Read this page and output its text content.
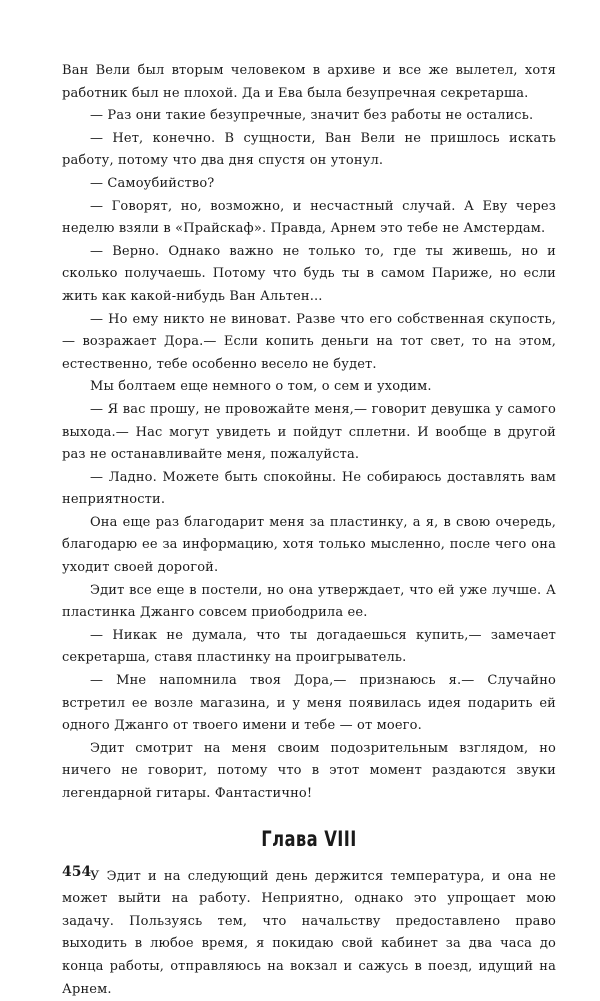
Ван Вели был вторым человеком в архиве и все же вылетел, хотя работник был не плохой. Да и Ева была безупречная секретарша.

— Раз они такие безупречные, значит без работы не остались.

— Нет, конечно. В сущности, Ван Вели не пришлось искать работу, потому что два дня спустя он утонул.

— Самоубийство?

— Говорят, но, возможно, и несчастный случай. А Еву через неделю взяли в «Прайскаф». Правда, Арнем это тебе не Амстердам.

— Верно. Однако важно не только то, где ты живешь, но и сколько получаешь. Потому что будь ты в самом Париже, но если жить как какой-нибудь Ван Альтен...

— Но ему никто не виноват. Разве что его собственная скупость,— возражает Дора.— Если копить деньги на тот свет, то на этом, естественно, тебе особенно весело не будет.

Мы болтаем еще немного о том, о сем и уходим.

— Я вас прошу, не провожайте меня,— говорит девушка у самого выхода.— Нас могут увидеть и пойдут сплетни. И вообще в другой раз не останавливайте меня, пожалуйста.

— Ладно. Можете быть спокойны. Не собираюсь доставлять вам неприятности.

Она еще раз благодарит меня за пластинку, а я, в свою очередь, благодарю ее за информацию, хотя только мысленно, после чего она уходит своей дорогой.

Эдит все еще в постели, но она утверждает, что ей уже лучше. А пластинка Джанго совсем приободрила ее.

— Никак не думала, что ты догадаешься купить,— замечает секретарша, ставя пластинку на проигрыватель.

— Мне напомнила твоя Дора,— признаюсь я.— Случайно встретил ее возле магазина, и у меня появилась идея подарить ей одного Джанго от твоего имени и тебе — от моего.

Эдит смотрит на меня своим подозрительным взглядом, но ничего не говорит, потому что в этот момент раздаются звуки легендарной гитары. Фантастично!

Глава VIII

У Эдит и на следующий день держится температура, и она не может выйти на работу. Неприятно, однако это упрощает мою задачу. Пользуясь тем, что начальству предоставлено право выходить в любое время, я покидаю свой кабинет за два часа до конца работы, отправляюсь на вокзал и сажусь в поезд, идущий на Арнем.

454
